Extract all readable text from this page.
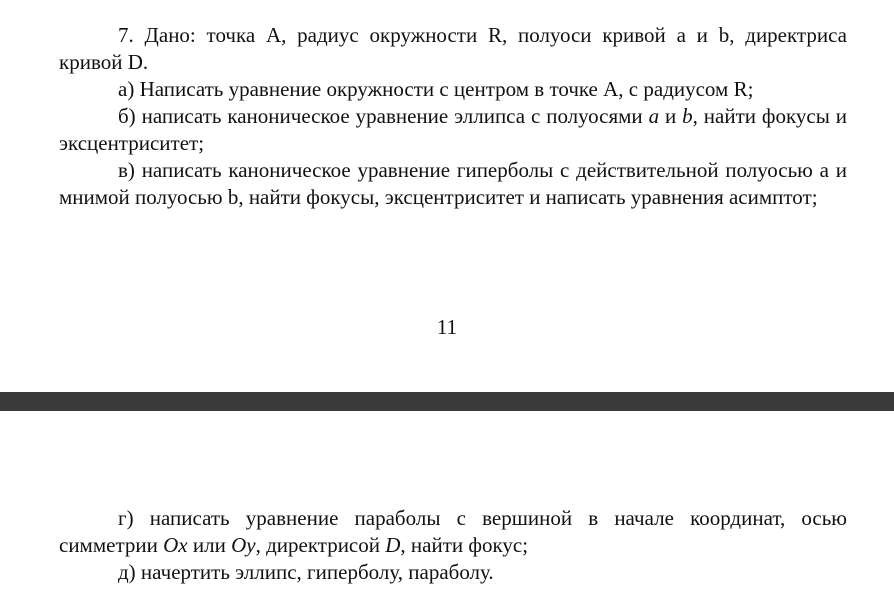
7. Дано: точка A, радиус окружности R, полуоси кривой a и b, директриса кривой D.

а) Написать уравнение окружности с центром в точке A, с радиусом R;

б) написать каноническое уравнение эллипса с полуосями a и b, найти фокусы и эксцентриситет;

в) написать каноническое уравнение гиперболы с действительной полуосью a и мнимой полуосью b, найти фокусы, эксцентриситет и написать уравнения асимптот;

11

г) написать уравнение параболы с вершиной в начале координат, осью симметрии Ox или Oy, директрисой D, найти фокус;

д) начертить эллипс, гиперболу, параболу.
